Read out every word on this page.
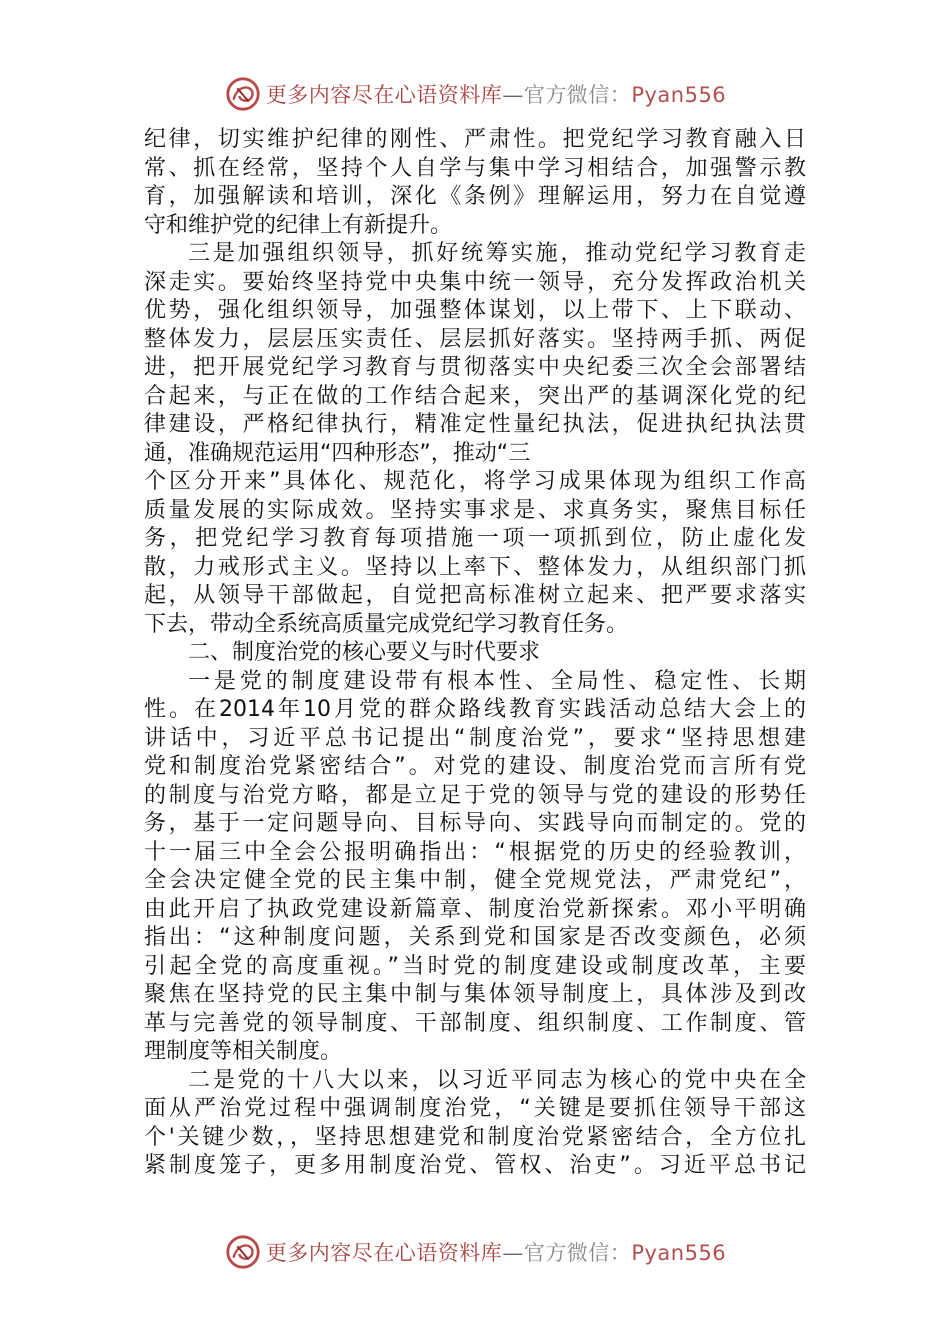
更多内容尽在心语资料库—官方微信：Pyan556
纪律，切实维护纪律的刚性、严肃性。把党纪学习教育融入日
常、抓在经常，坚持个人自学与集中学习相结合，加强警示教
育，加强解读和培训，深化《条例》理解运用，努力在自觉遵
守和维护党的纪律上有新提升。
三是加强组织领导，抓好统筹实施，推动党纪学习教育走
深走实。要始终坚持党中央集中统一领导，充分发挥政治机关
优势，强化组织领导，加强整体谋划，以上带下、上下联动、
整体发力，层层压实责任、层层抓好落实。坚持两手抓、两促
进，把开展党纪学习教育与贯彻落实中央纪委三次全会部署结
合起来，与正在做的工作结合起来，突出严的基调深化党的纪
律建设，严格纪律执行，精准定性量纪执法，促进执纪执法贯
通，准确规范运用“四种形态”，推动“三
个区分开来”具体化、规范化，将学习成果体现为组织工作高
质量发展的实际成效。坚持实事求是、求真务实，聚焦目标任
务，把党纪学习教育每项措施一项一项抓到位，防止虚化发
散，力戒形式主义。坚持以上率下、整体发力，从组织部门抓
起，从领导干部做起，自觉把高标准树立起来、把严要求落实
下去，带动全系统高质量完成党纪学习教育任务。
二、制度治党的核心要义与时代要求
一是党的制度建设带有根本性、全局性、稳定性、长期
性。在2014年10月党的群众路线教育实践活动总结大会上的
讲话中，习近平总书记提出“制度治党”，要求“坚持思想建
党和制度治党紧密结合”。对党的建设、制度治党而言所有党
的制度与治党方略，都是立足于党的领导与党的建设的形势任
务，基于一定问题导向、目标导向、实践导向而制定的。党的
十一届三中全会公报明确指出：“根据党的历史的经验教训，
全会决定健全党的民主集中制，健全党规党法，严肃党纪”，
由此开启了执政党建设新篇章、制度治党新探索。邓小平明确
指出：“这种制度问题，关系到党和国家是否改变颜色，必须
引起全党的高度重视。”当时党的制度建设或制度改革，主要
聚焦在坚持党的民主集中制与集体领导制度上，具体涉及到改
革与完善党的领导制度、干部制度、组织制度、工作制度、管
理制度等相关制度。
二是党的十八大以来，以习近平同志为核心的党中央在全
面从严治党过程中强调制度治党，“关键是要抓住领导干部这
个'关键少数，，坚持思想建党和制度治党紧密结合，全方位扎
紧制度笼子，更多用制度治党、管权、治吏”。习近平总书记
更多内容尽在心语资料库—官方微信：Pyan556
